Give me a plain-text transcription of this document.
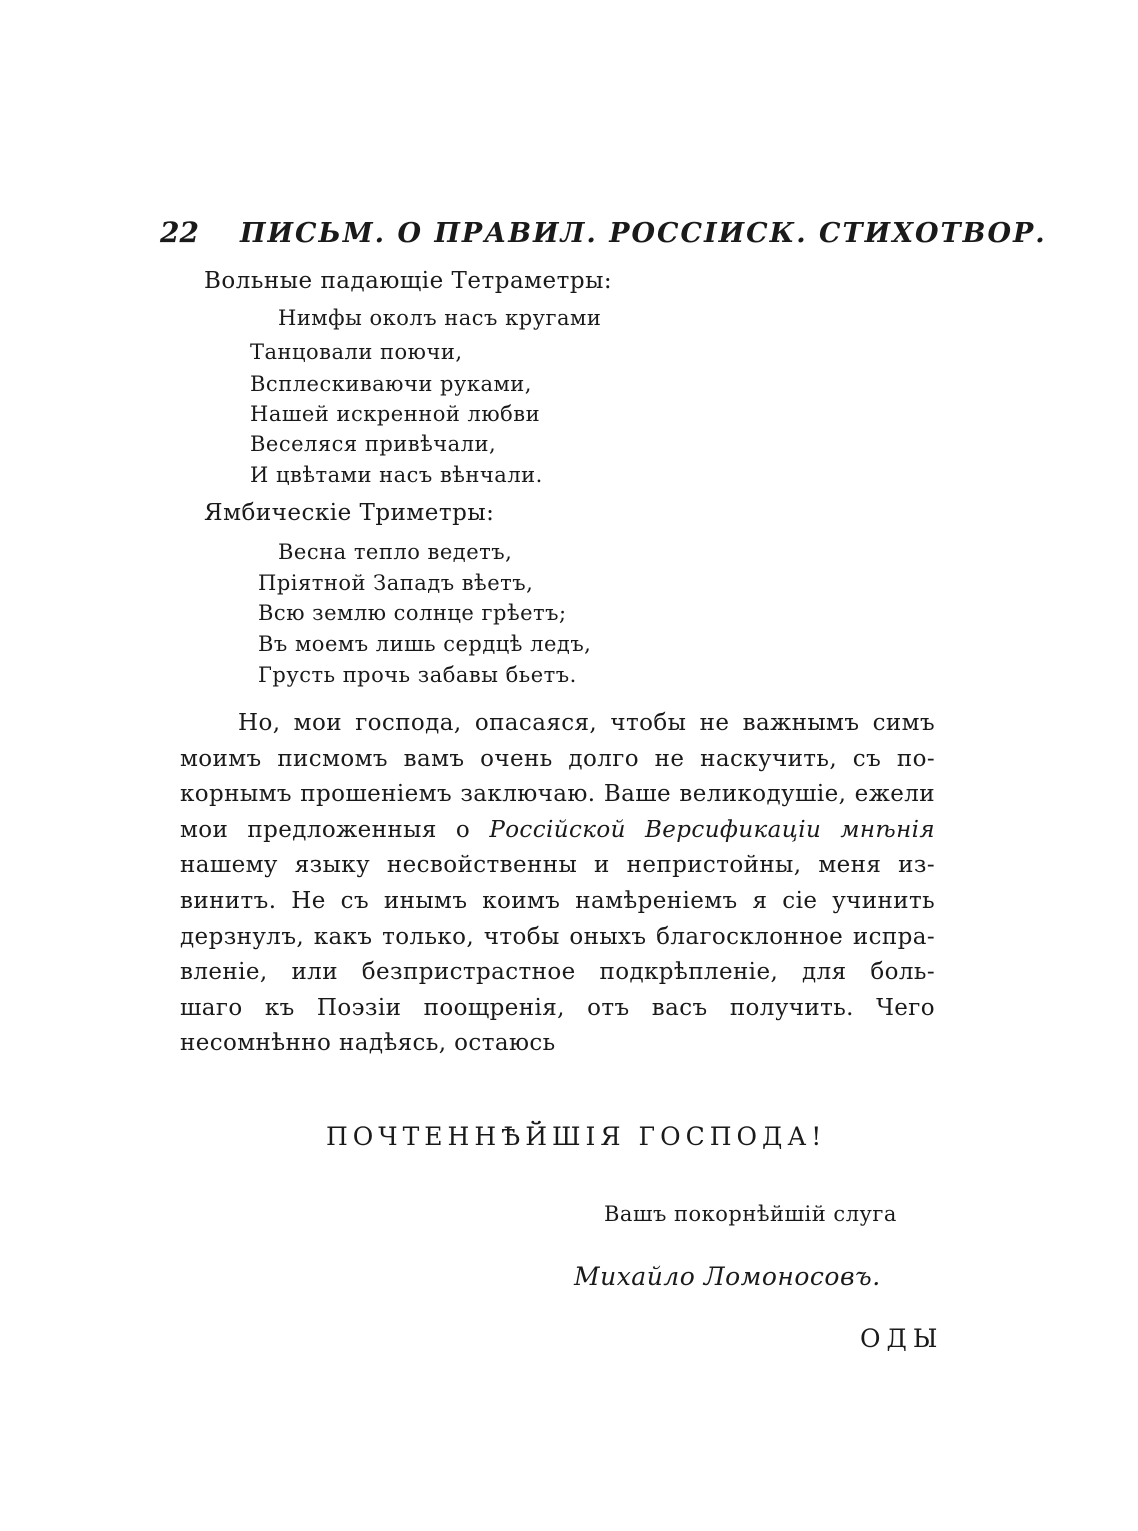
22 ПИСЬМ. О ПРАВИЛ. РОССІИСК. СТИХОТВОР.
Вольные падающіе Тетраметры:
Нимфы околъ насъ кругами
Танцовали поючи,
Всплескиваючи руками,
Нашей искренной любви
Веселяся привѣчали,
И цвѣтами насъ вѣнчали.
Ямбическіе Триметры:
Весна тепло ведетъ,
Пріятной Западъ вѣетъ,
Всю землю солнце грѣетъ;
Въ моемъ лишь сердцѣ ледъ,
Грусть прочь забавы бьетъ.
Но, мои господа, опасаяся, чтобы не важнымъ симъ
моимъ писмомъ вамъ очень долго не наскучить, съ по-
корнымъ прошеніемъ заключаю. Ваше великодушіе, ежели
мои предложенныя о Россійской Версификаціи мнѣнія
нашему языку несвойственны и непристойны, меня из-
винитъ. Не съ инымъ коимъ намѣреніемъ я сіе учинить
дерзнулъ, какъ только, чтобы оныхъ благосклонное испра-
вленіе, или безпристрастное подкрѣпленіе, для боль-
шаго къ Поэзіи поощренія, отъ васъ получить. Чего
несомнѣнно надѣясь, остаюсь
ПОЧТЕННѢЙШІЯ ГОСПОДА!
Вашъ покорнѣйшій слуга
Михайло Ломоносовъ.
ОДЫ
